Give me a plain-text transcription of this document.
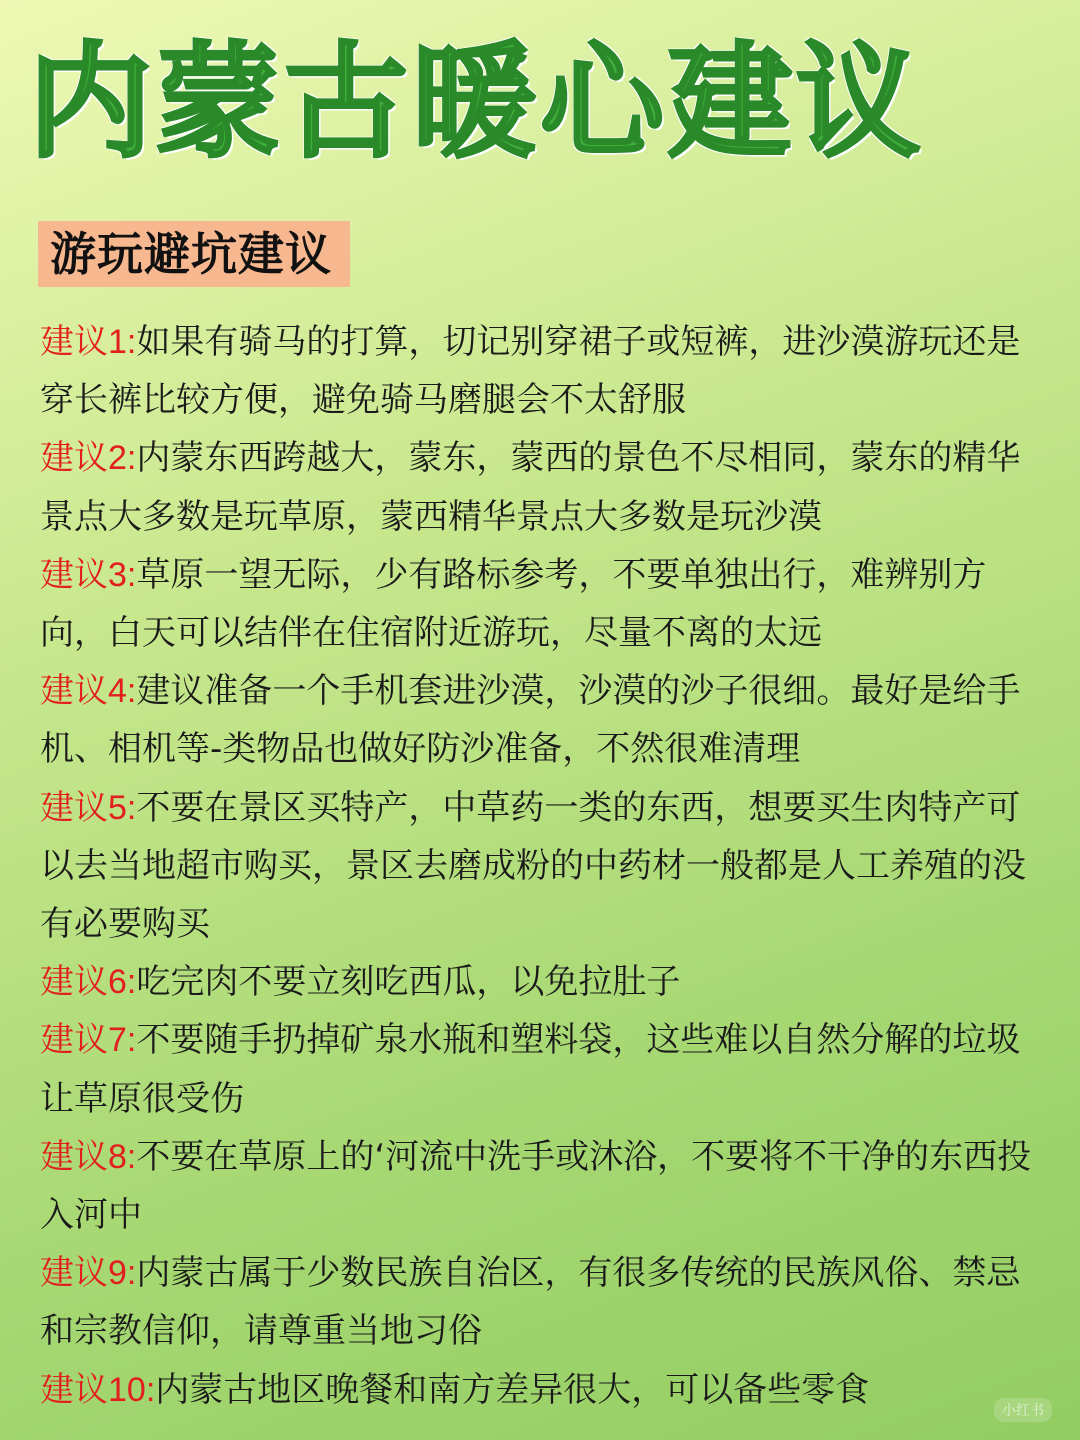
内蒙古暖心建议
游玩避坑建议

建议1:如果有骑马的打算，切记别穿裙子或短裤，进沙漠游玩还是穿长裤比较方便，避免骑马磨腿会不太舒服

建议2:内蒙东西跨越大，蒙东，蒙西的景色不尽相同，蒙东的精华景点大多数是玩草原，蒙西精华景点大多数是玩沙漠

建议3:草原一望无际，少有路标参考，不要单独出行，难辨别方向，白天可以结伴在住宿附近游玩，尽量不离的太远

建议4:建议准备一个手机套进沙漠，沙漠的沙子很细。最好是给手机、相机等-类物品也做好防沙准备，不然很难清理

建议5:不要在景区买特产，中草药一类的东西，想要买生肉特产可以去当地超市购买，景区去磨成粉的中药材一般都是人工养殖的没有必要购买

建议6:吃完肉不要立刻吃西瓜，以免拉肚子

建议7:不要随手扔掉矿泉水瓶和塑料袋，这些难以自然分解的垃圾让草原很受伤

建议8:不要在草原上的‘河流中洗手或沐浴，不要将不干净的东西投入河中

建议9:内蒙古属于少数民族自治区，有很多传统的民族风俗、禁忌和宗教信仰，请尊重当地习俗

建议10:内蒙古地区晚餐和南方差异很大，可以备些零食

小红书
